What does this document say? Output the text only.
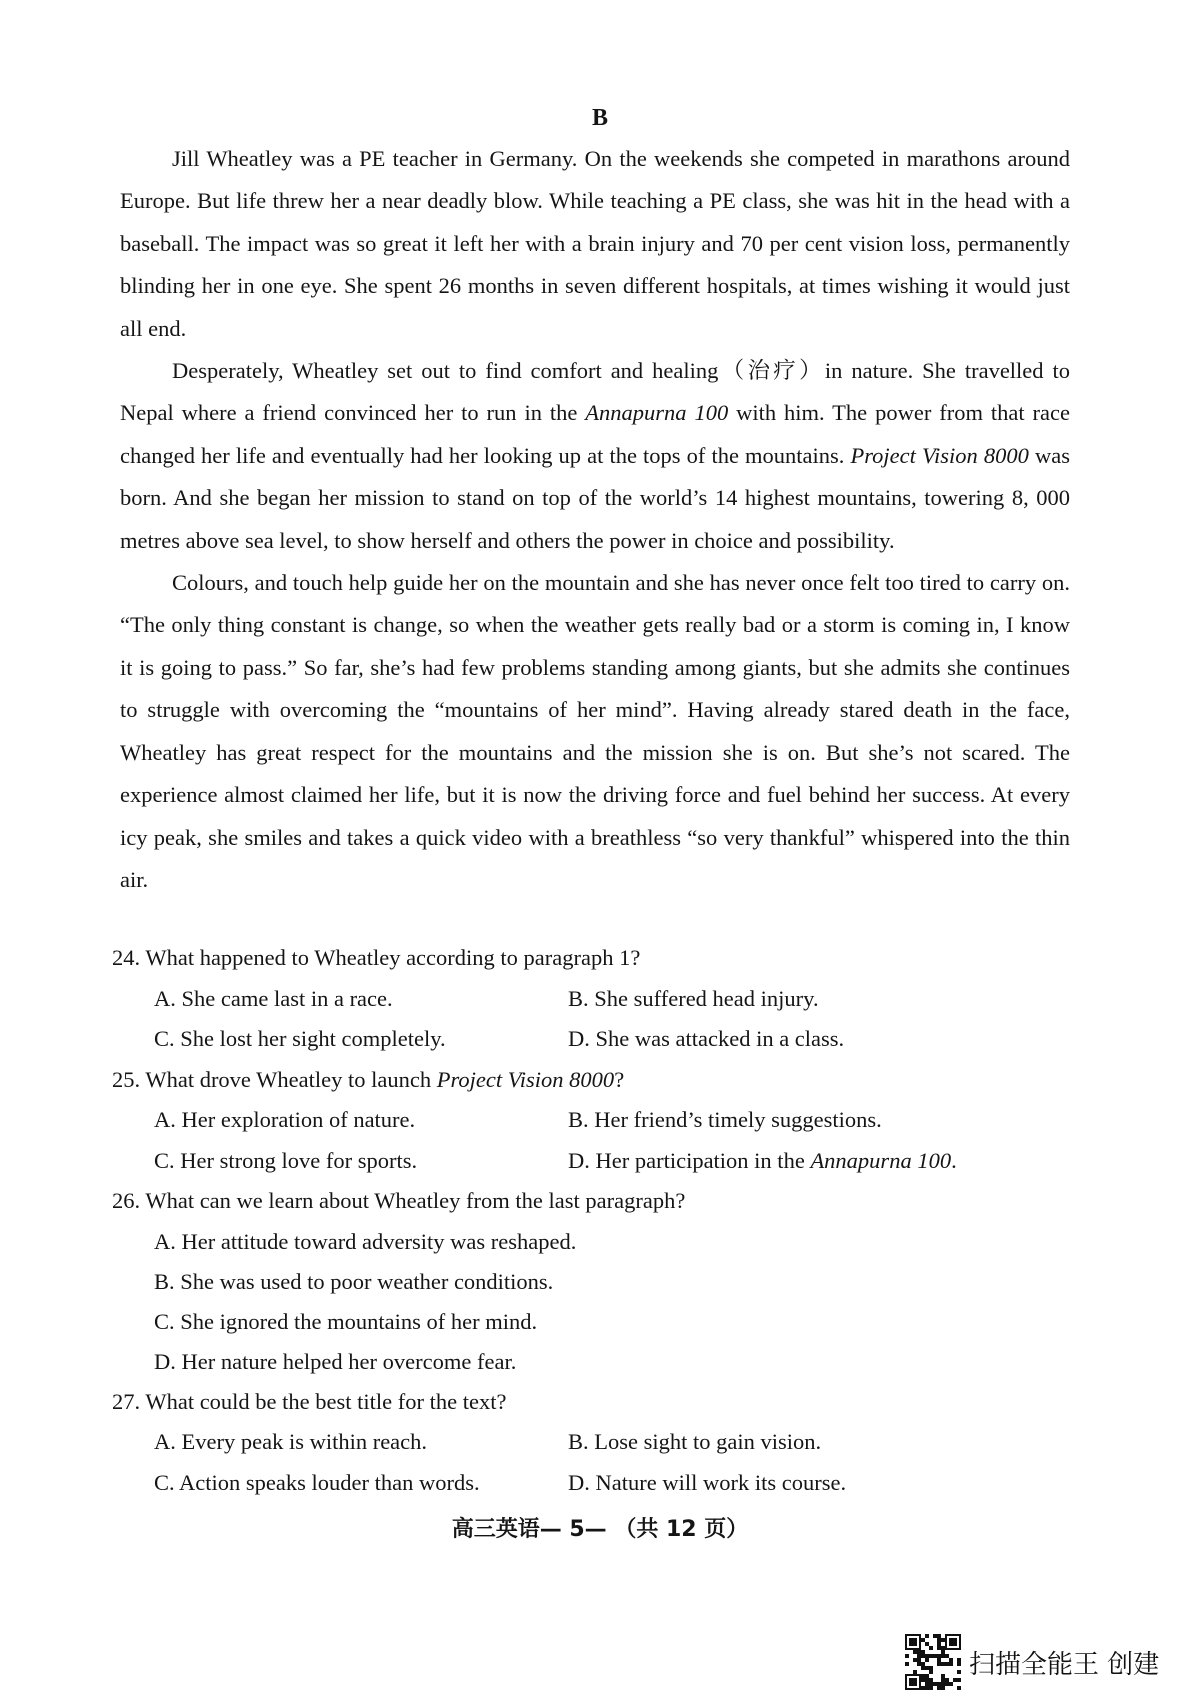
B

Jill Wheatley was a PE teacher in Germany. On the weekends she competed in marathons around Europe. But life threw her a near deadly blow. While teaching a PE class, she was hit in the head with a baseball. The impact was so great it left her with a brain injury and 70 per cent vision loss, permanently blinding her in one eye. She spent 26 months in seven different hospitals, at times wishing it would just all end.

Desperately, Wheatley set out to find comfort and healing（治疗）in nature. She travelled to Nepal where a friend convinced her to run in the Annapurna 100 with him. The power from that race changed her life and eventually had her looking up at the tops of the mountains. Project Vision 8000 was born. And she began her mission to stand on top of the world’s 14 highest mountains, towering 8, 000 metres above sea level, to show herself and others the power in choice and possibility.

Colours, and touch help guide her on the mountain and she has never once felt too tired to carry on. “The only thing constant is change, so when the weather gets really bad or a storm is coming in, I know it is going to pass.” So far, she’s had few problems standing among giants, but she admits she continues to struggle with overcoming the “mountains of her mind”. Having already stared death in the face, Wheatley has great respect for the mountains and the mission she is on. But she’s not scared. The experience almost claimed her life, but it is now the driving force and fuel behind her success. At every icy peak, she smiles and takes a quick video with a breathless “so very thankful” whispered into the thin air.

24. What happened to Wheatley according to paragraph 1?
A. She came last in a race.	B. She suffered head injury.
C. She lost her sight completely.	D. She was attacked in a class.
25. What drove Wheatley to launch Project Vision 8000?
A. Her exploration of nature.	B. Her friend’s timely suggestions.
C. Her strong love for sports.	D. Her participation in the Annapurna 100.
26. What can we learn about Wheatley from the last paragraph?
A. Her attitude toward adversity was reshaped.
B. She was used to poor weather conditions.
C. She ignored the mountains of her mind.
D. Her nature helped her overcome fear.
27. What could be the best title for the text?
A. Every peak is within reach.	B. Lose sight to gain vision.
C. Action speaks louder than words.	D. Nature will work its course.
高三英语— 5— （共 12 页）
扫描全能王 创建
